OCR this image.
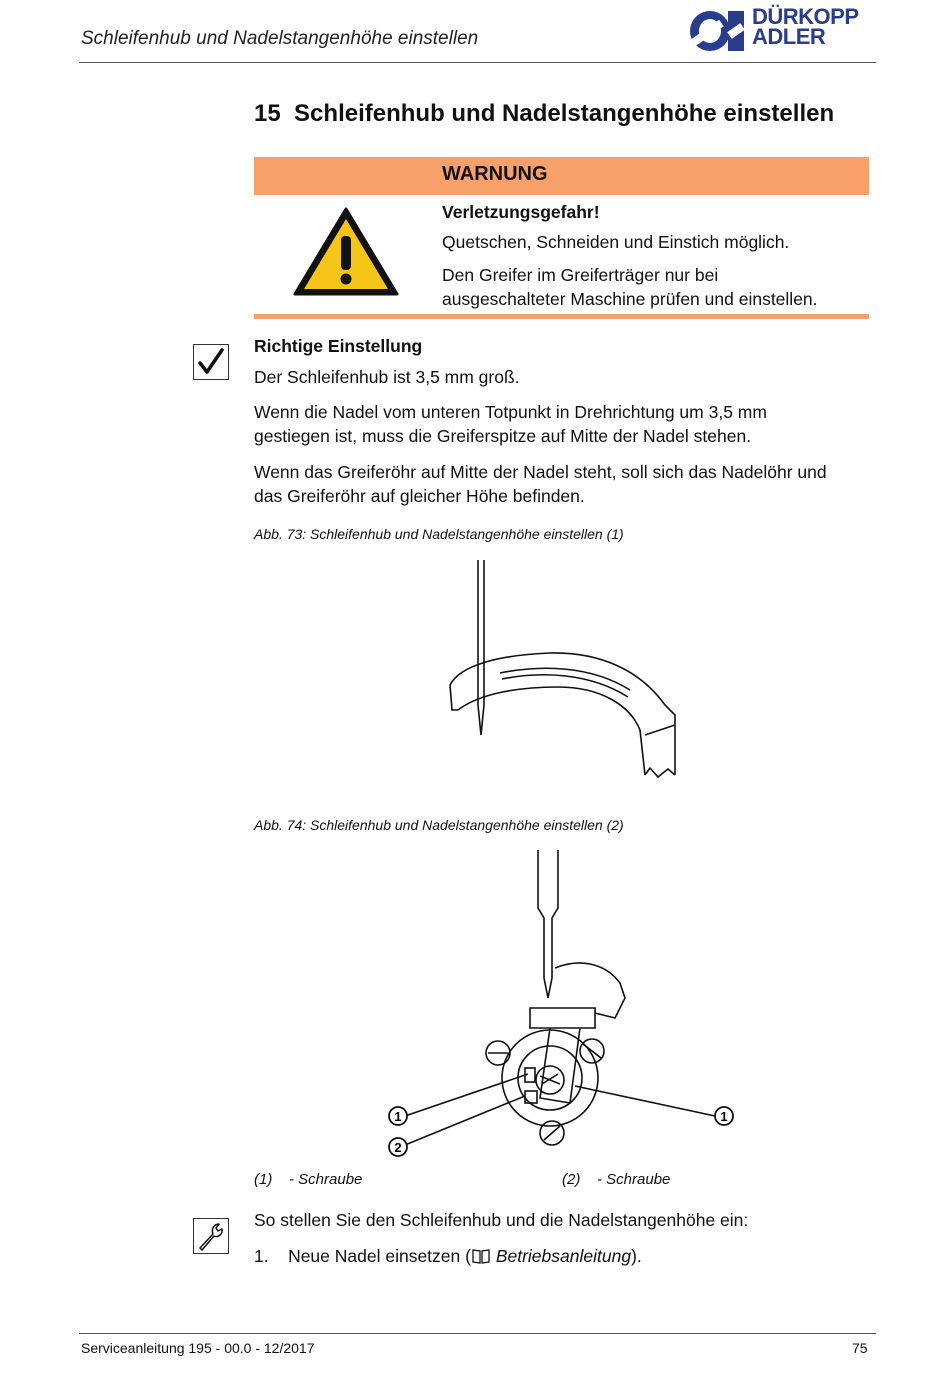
Schleifenhub und Nadelstangenhöhe einstellen
DÜRKOPP
ADLER
15 Schleifenhub und Nadelstangenhöhe einstellen
WARNUNG
Verletzungsgefahr!
Quetschen, Schneiden und Einstich möglich.
Den Greifer im Greiferträger nur bei
ausgeschalteter Maschine prüfen und einstellen.
Richtige Einstellung
Der Schleifenhub ist 3,5 mm groß.
Wenn die Nadel vom unteren Totpunkt in Drehrichtung um 3,5 mm
gestiegen ist, muss die Greiferspitze auf Mitte der Nadel stehen.
Wenn das Greiferöhr auf Mitte der Nadel steht, soll sich das Nadelöhr und
das Greiferöhr auf gleicher Höhe befinden.
Abb. 73: Schleifenhub und Nadelstangenhöhe einstellen (1)
Abb. 74: Schleifenhub und Nadelstangenhöhe einstellen (2)
1
2
1
(1) - Schraube	(2) - Schraube
So stellen Sie den Schleifenhub und die Nadelstangenhöhe ein:
1. Neue Nadel einsetzen ( Betriebsanleitung).
Serviceanleitung 195 - 00.0 - 12/2017	75
